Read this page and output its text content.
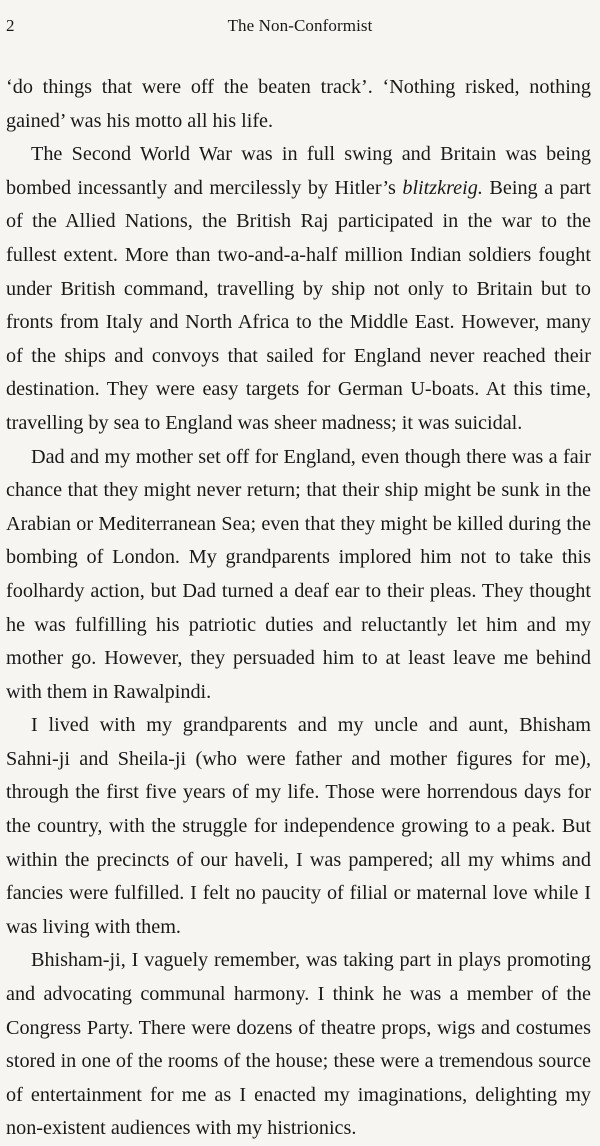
2	The Non-Conformist

‘do things that were off the beaten track’. ‘Nothing risked, nothing gained’ was his motto all his life.

The Second World War was in full swing and Britain was being bombed incessantly and mercilessly by Hitler’s blitzkreig. Being a part of the Allied Nations, the British Raj participated in the war to the fullest extent. More than two-and-a-half million Indian soldiers fought under British command, travelling by ship not only to Britain but to fronts from Italy and North Africa to the Middle East. However, many of the ships and convoys that sailed for England never reached their destination. They were easy targets for German U-boats. At this time, travelling by sea to England was sheer madness; it was suicidal.

Dad and my mother set off for England, even though there was a fair chance that they might never return; that their ship might be sunk in the Arabian or Mediterranean Sea; even that they might be killed during the bombing of London. My grandparents implored him not to take this foolhardy action, but Dad turned a deaf ear to their pleas. They thought he was fulfilling his patriotic duties and reluctantly let him and my mother go. However, they persuaded him to at least leave me behind with them in Rawalpindi.

I lived with my grandparents and my uncle and aunt, Bhisham Sahni-ji and Sheila-ji (who were father and mother figures for me), through the first five years of my life. Those were horrendous days for the country, with the struggle for independence growing to a peak. But within the precincts of our haveli, I was pampered; all my whims and fancies were fulfilled. I felt no paucity of filial or maternal love while I was living with them.

Bhisham-ji, I vaguely remember, was taking part in plays promoting and advocating communal harmony. I think he was a member of the Congress Party. There were dozens of theatre props, wigs and costumes stored in one of the rooms of the house; these were a tremendous source of entertainment for me as I enacted my imaginations, delighting my non-existent audiences with my histrionics.
